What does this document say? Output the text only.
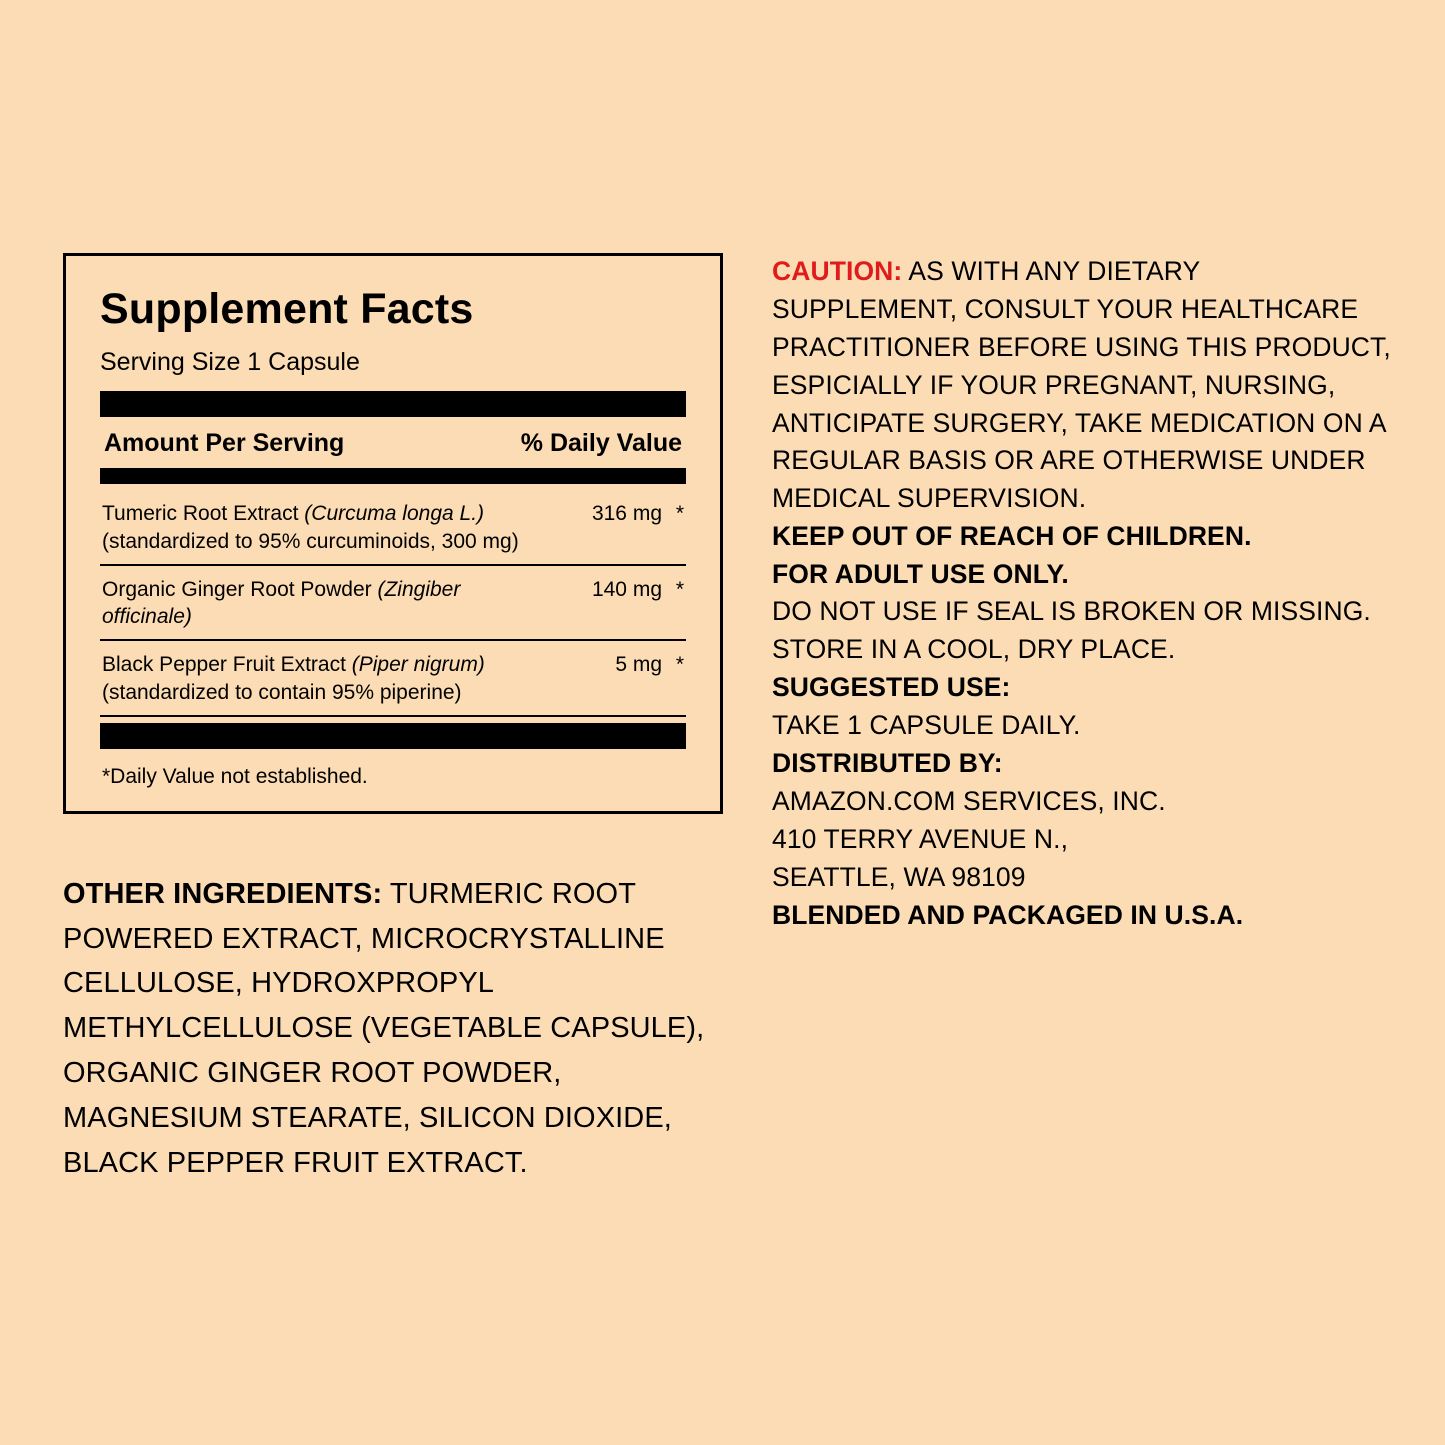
Supplement Facts
Serving Size 1 Capsule
Amount Per Serving	% Daily Value
Tumeric Root Extract (Curcuma longa L.)
(standardized to 95% curcuminoids, 300 mg)
316 mg *
Organic Ginger Root Powder (Zingiber officinale)
140 mg *
Black Pepper Fruit Extract (Piper nigrum)
(standardized to contain 95% piperine)
5 mg *
*Daily Value not established.
OTHER INGREDIENTS: TURMERIC ROOT POWERED EXTRACT, MICROCRYSTALLINE CELLULOSE, HYDROXPROPYL METHYLCELLULOSE (VEGETABLE CAPSULE), ORGANIC GINGER ROOT POWDER, MAGNESIUM STEARATE, SILICON DIOXIDE, BLACK PEPPER FRUIT EXTRACT.

CAUTION: AS WITH ANY DIETARY SUPPLEMENT, CONSULT YOUR HEALTHCARE PRACTITIONER BEFORE USING THIS PRODUCT, ESPICIALLY IF YOUR PREGNANT, NURSING, ANTICIPATE SURGERY, TAKE MEDICATION ON A REGULAR BASIS OR ARE OTHERWISE UNDER MEDICAL SUPERVISION.

KEEP OUT OF REACH OF CHILDREN.
FOR ADULT USE ONLY.

DO NOT USE IF SEAL IS BROKEN OR MISSING.

STORE IN A COOL, DRY PLACE.

SUGGESTED USE:
TAKE 1 CAPSULE DAILY.

DISTRIBUTED BY:
AMAZON.COM SERVICES, INC.
410 TERRY AVENUE N.,
SEATTLE, WA 98109

BLENDED AND PACKAGED IN U.S.A.
